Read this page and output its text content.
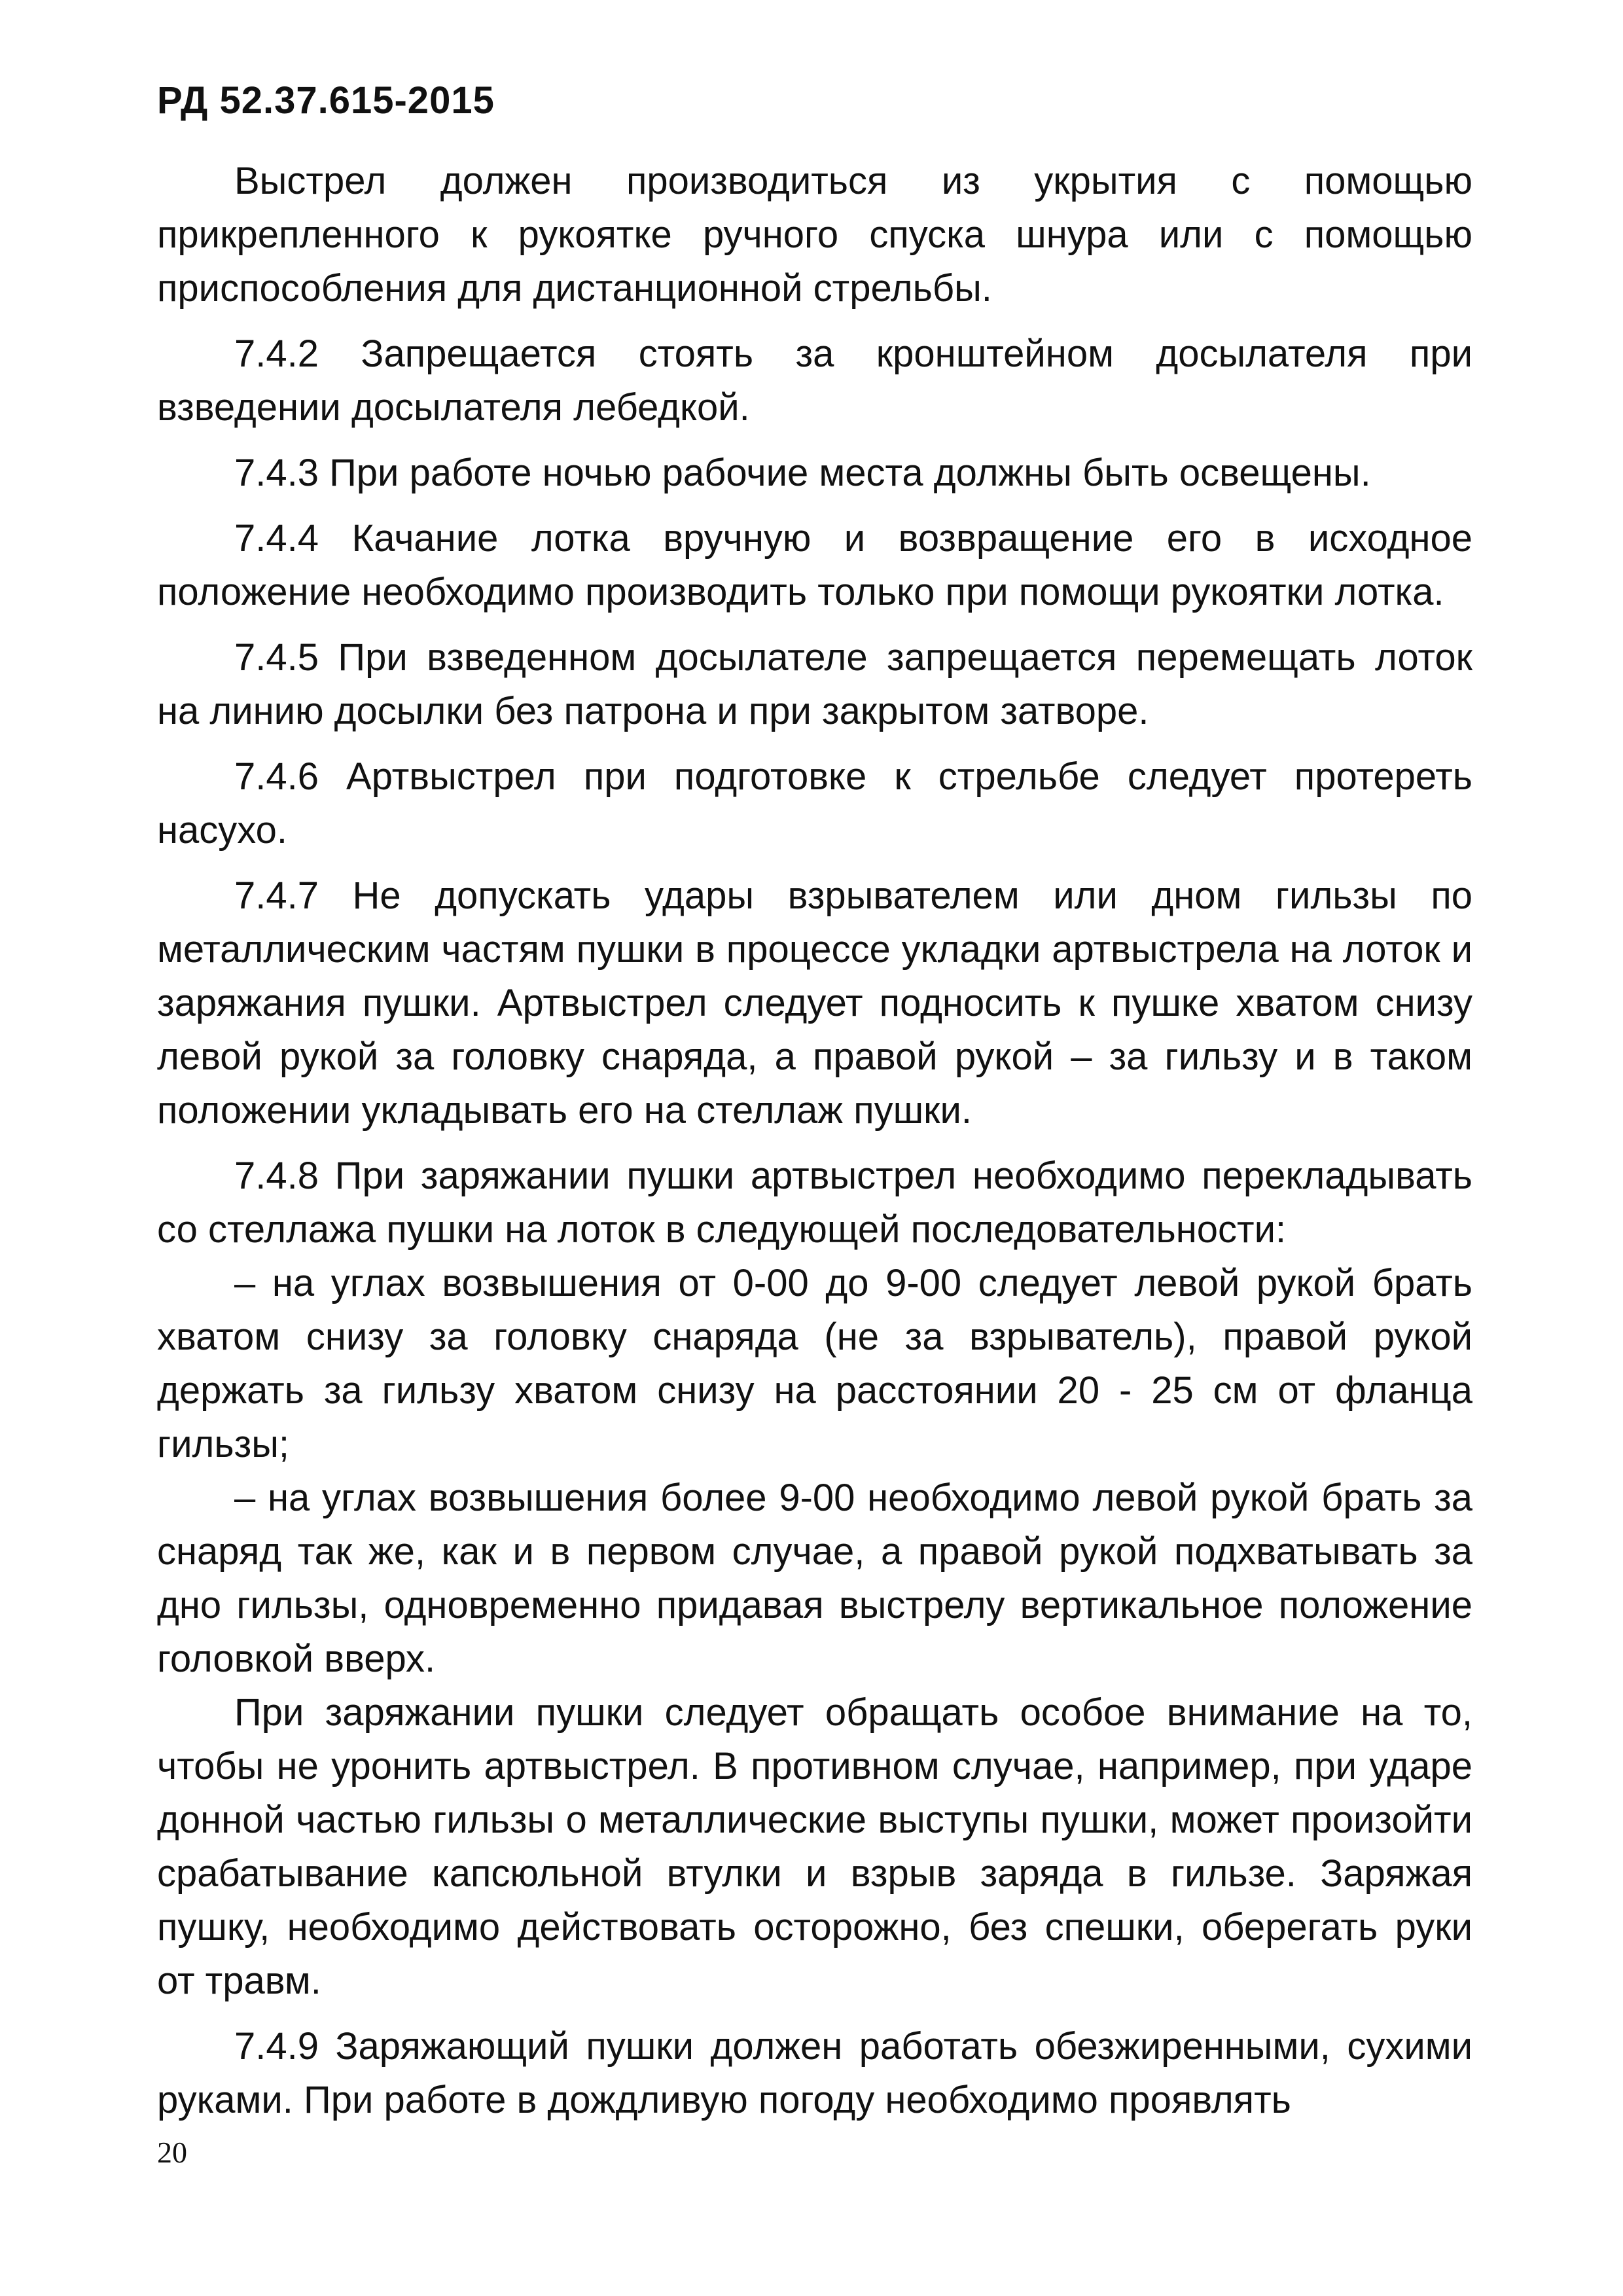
РД 52.37.615-2015

Выстрел должен производиться из укрытия с помощью прикрепленного к рукоятке ручного спуска шнура или с помощью приспособления для дистанционной стрельбы.

7.4.2 Запрещается стоять за кронштейном досылателя при взведении досылателя лебедкой.

7.4.3 При работе ночью рабочие места должны быть освещены.

7.4.4 Качание лотка вручную и возвращение его в исходное положение необходимо производить только при помощи рукоятки лотка.

7.4.5 При взведенном досылателе запрещается перемещать лоток на линию досылки без патрона и при закрытом затворе.

7.4.6 Артвыстрел при подготовке к стрельбе следует протереть насухо.

7.4.7 Не допускать удары взрывателем или дном гильзы по металлическим частям пушки в процессе укладки артвыстрела на лоток и заряжания пушки. Артвыстрел следует подносить к пушке хватом снизу левой рукой за головку снаряда, а правой рукой – за гильзу и в таком положении укладывать его на стеллаж пушки.

7.4.8 При заряжании пушки артвыстрел необходимо перекладывать со стеллажа пушки на лоток в следующей последовательности:

– на углах возвышения от 0-00 до 9-00 следует левой рукой брать хватом снизу за головку снаряда (не за взрыватель), правой рукой держать за гильзу хватом снизу на расстоянии 20 - 25 см от фланца гильзы;

– на углах возвышения более 9-00 необходимо левой рукой брать за снаряд так же, как и в первом случае, а правой рукой подхватывать за дно гильзы, одновременно придавая выстрелу вертикальное положение головкой вверх.

При заряжании пушки следует обращать особое внимание на то, чтобы не уронить артвыстрел. В противном случае, например, при ударе донной частью гильзы о металлические выступы пушки, может произойти срабатывание капсюльной втулки и взрыв заряда в гильзе. Заряжая пушку, необходимо действовать осторожно, без спешки, оберегать руки от травм.

7.4.9 Заряжающий пушки должен работать обезжиренными, сухими руками. При работе в дождливую погоду необходимо проявлять

20
